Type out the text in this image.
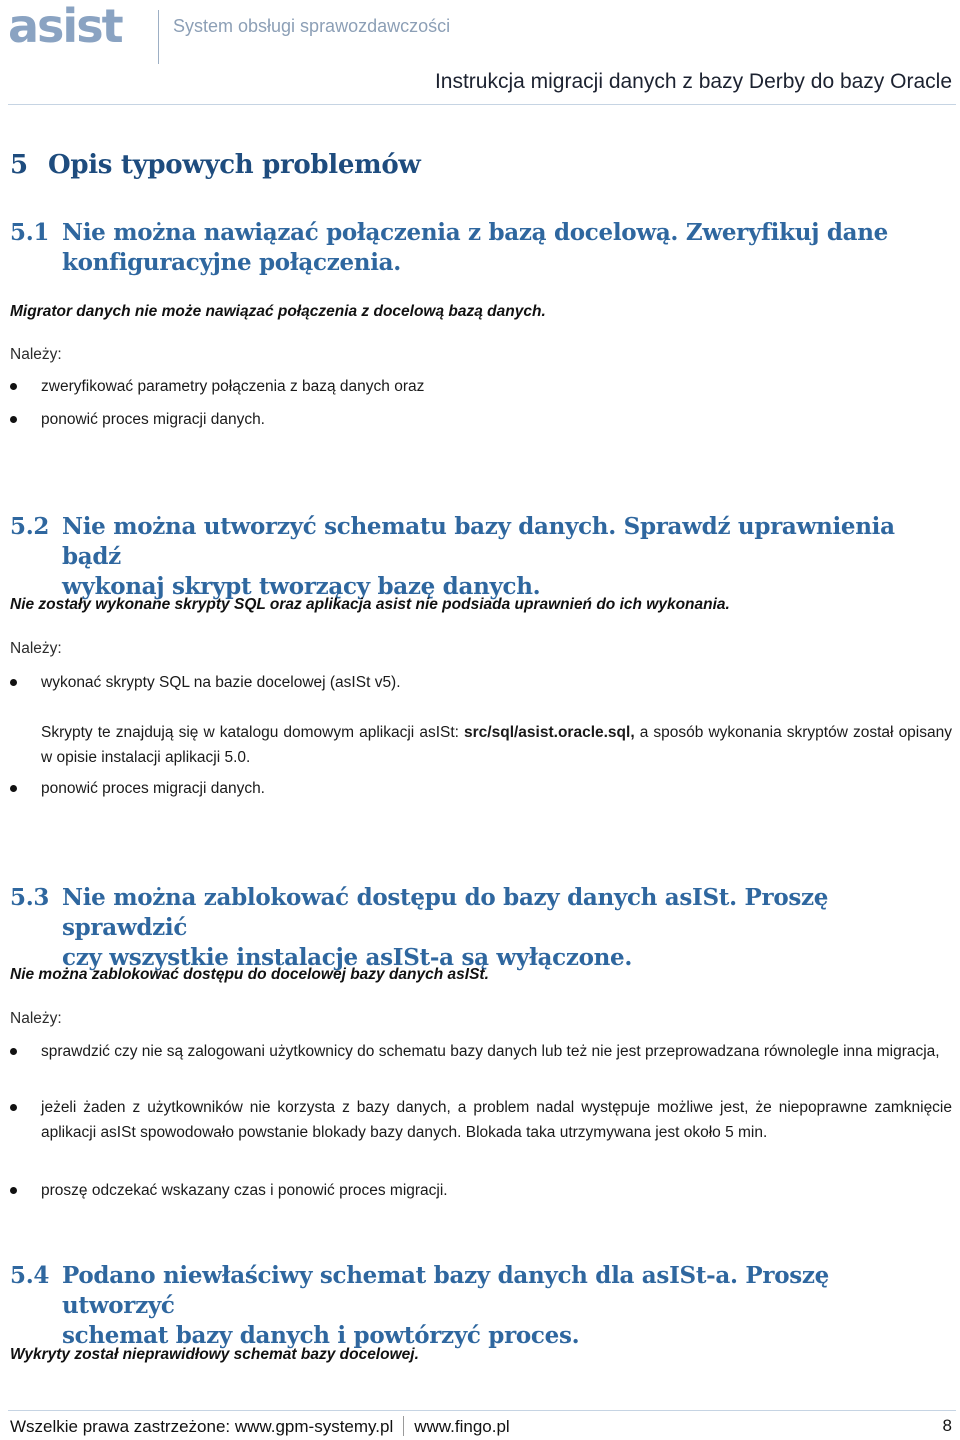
asist	System obsługi sprawozdawczości
Instrukcja migracji danych z bazy Derby do bazy Oracle
5 Opis typowych problemów
5.1 Nie można nawiązać połączenia z bazą docelową. Zweryfikuj dane
konfiguracyjne połączenia.
Migrator danych nie może nawiązać połączenia z docelową bazą danych.
Należy:
zweryfikować parametry połączenia z bazą danych oraz
ponowić proces migracji danych.
5.2 Nie można utworzyć schematu bazy danych. Sprawdź uprawnienia bądź
wykonaj skrypt tworzący bazę danych.
Nie zostały wykonane skrypty SQL oraz aplikacja asist nie podsiada uprawnień do ich wykonania.
Należy:
wykonać skrypty SQL na bazie docelowej (asISt v5).
Skrypty te znajdują się w katalogu domowym aplikacji asISt: src/sql/asist.oracle.sql, a sposób wykonania skryptów został opisany w opisie instalacji aplikacji 5.0.
ponowić proces migracji danych.
5.3 Nie można zablokować dostępu do bazy danych asISt. Proszę sprawdzić
czy wszystkie instalacje asISt-a są wyłączone.
Nie można zablokować dostępu do docelowej bazy danych asISt.
Należy:
sprawdzić czy nie są zalogowani użytkownicy do schematu bazy danych lub też nie jest przeprowadzana równolegle inna migracja,
jeżeli żaden z użytkowników nie korzysta z bazy danych, a problem nadal występuje możliwe jest, że niepoprawne zamknięcie aplikacji asISt spowodowało powstanie blokady bazy danych. Blokada taka utrzymywana jest około 5 min.
proszę odczekać wskazany czas i ponowić proces migracji.
5.4 Podano niewłaściwy schemat bazy danych dla asISt-a. Proszę utworzyć
schemat bazy danych i powtórzyć proces.
Wykryty został nieprawidłowy schemat bazy docelowej.
Wszelkie prawa zastrzeżone: www.gpm-systemy.pl www.fingo.pl	8
